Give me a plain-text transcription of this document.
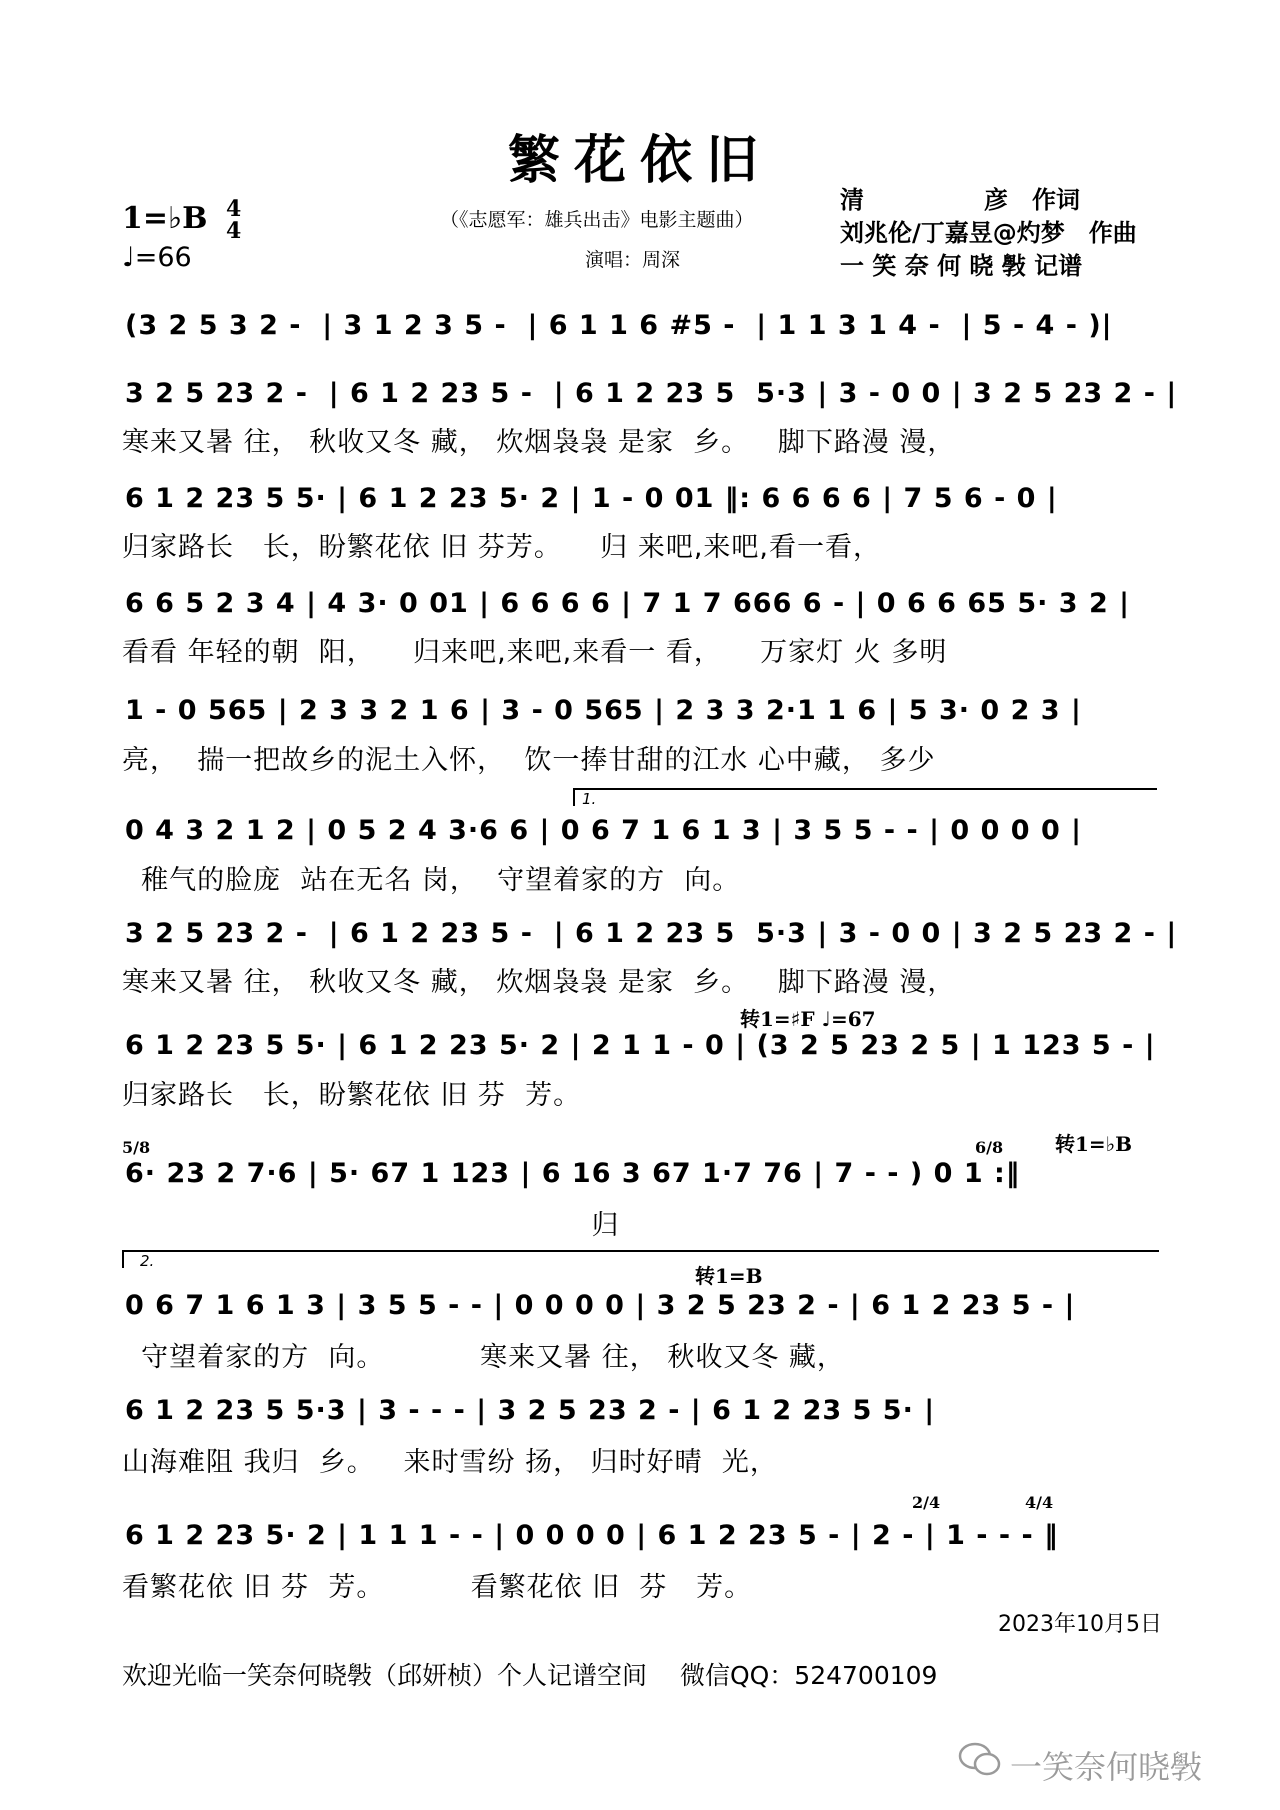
繁花依旧
1=♭B 4
4
♩=66
（《志愿军：雄兵出击》电影主题曲）
演唱：周深
清　　　　　彦　作词
刘兆伦/丁嘉昱@灼梦　作曲
一 笑 奈 何 晓 斅 记谱
(3 2 5 3 2 -  | 3 1 2 3 5 -  | 6 1 1 6 #5 -  | 1 1 3 1 4 -  | 5 - 4 - )|
3 2 5 23 2 -  | 6 1 2 23 5 -  | 6 1 2 23 5  5·3 | 3 - 0 0 | 3 2 5 23 2 - |
寒来又暑 往， 秋收又冬 藏， 炊烟袅袅 是家  乡。   脚下路漫 漫，
6 1 2 23 5 5· | 6 1 2 23 5· 2 | 1 - 0 01 ‖: 6 6 6 6 | 7 5 6 - 0 |
归家路长   长，盼繁花依 旧 芬芳。    归 来吧,来吧,看一看，
6 6 5 2 3 4 | 4 3· 0 01 | 6 6 6 6 | 7 1 7 666 6 - | 0 6 6 65 5· 3 2 |
看看 年轻的朝  阳，    归来吧,来吧,来看一 看，    万家灯 火 多明
1 - 0 565 | 2 3 3 2 1 6 | 3 - 0 565 | 2 3 3 2·1 1 6 | 5 3· 0 2 3 |
亮，  揣一把故乡的泥土入怀，  饮一捧甘甜的江水 心中藏， 多少
1.
0 4 3 2 1 2 | 0 5 2 4 3·6 6 | 0 6 7 1 6 1 3 | 3 5 5 - - | 0 0 0 0 |
稚气的脸庞  站在无名 岗，  守望着家的方  向。
3 2 5 23 2 -  | 6 1 2 23 5 -  | 6 1 2 23 5  5·3 | 3 - 0 0 | 3 2 5 23 2 - |
寒来又暑 往， 秋收又冬 藏， 炊烟袅袅 是家  乡。   脚下路漫 漫，
转1=♯F ♩=67
6 1 2 23 5 5· | 6 1 2 23 5· 2 | 2 1 1 - 0 | (3 2 5 23 2 5 | 1 123 5 - |
归家路长   长，盼繁花依 旧 芬  芳。
转1=♭B
5/8	6/8
6· 23 2 7·6 | 5· 67 1 123 | 6 16 3 67 1·7 76 | 7 - - ) 0 1 :‖
归
2.
转1=B
0 6 7 1 6 1 3 | 3 5 5 - - | 0 0 0 0 | 3 2 5 23 2 - | 6 1 2 23 5 - |
守望着家的方  向。          寒来又暑 往， 秋收又冬 藏，
6 1 2 23 5 5·3 | 3 - - - | 3 2 5 23 2 - | 6 1 2 23 5 5· |
山海难阻 我归  乡。   来时雪纷 扬， 归时好晴  光，
2/4	4/4
6 1 2 23 5· 2 | 1 1 1 - - | 0 0 0 0 | 6 1 2 23 5 - | 2 - | 1 - - - ‖
看繁花依 旧 芬  芳。         看繁花依 旧  芬   芳。
2023年10月5日
欢迎光临一笑奈何晓斅（邱妍桢）个人记谱空间　 微信QQ：524700109
一笑奈何晓斅
